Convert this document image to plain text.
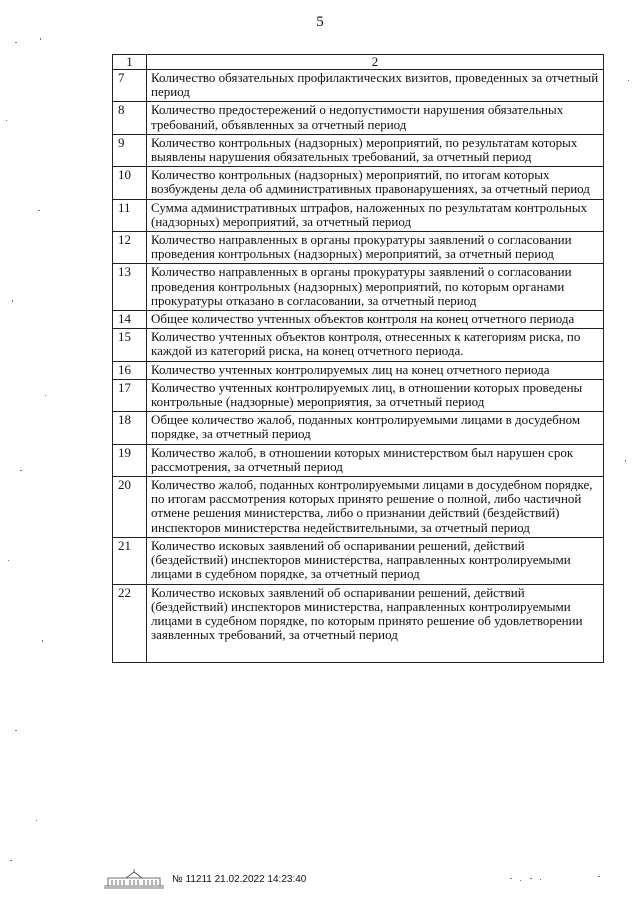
5
1	2
7	Количество обязательных профилактических визитов, проведенных за отчетный период
8	Количество предостережений о недопустимости нарушения обязательных требований, объявленных за отчетный период
9	Количество контрольных (надзорных) мероприятий, по результатам которых выявлены нарушения обязательных требований, за отчетный период
10	Количество контрольных (надзорных) мероприятий, по итогам которых возбуждены дела об административных правонарушениях, за отчетный период
11	Сумма административных штрафов, наложенных по результатам контрольных (надзорных) мероприятий, за отчетный период
12	Количество направленных в органы прокуратуры заявлений о согласовании проведения контрольных (надзорных) мероприятий, за отчетный период
13	Количество направленных в органы прокуратуры заявлений о согласовании проведения контрольных (надзорных) мероприятий, по которым органами прокуратуры отказано в согласовании, за отчетный период
14	Общее количество учтенных объектов контроля на конец отчетного периода
15	Количество учтенных объектов контроля, отнесенных к категориям риска, по каждой из категорий риска, на конец отчетного периода.
16	Количество учтенных контролируемых лиц на конец отчетного периода
17	Количество учтенных контролируемых лиц, в отношении которых проведены контрольные (надзорные) мероприятия, за отчетный период
18	Общее количество жалоб, поданных контролируемыми лицами в досудебном порядке, за отчетный период
19	Количество жалоб, в отношении которых министерством был нарушен срок рассмотрения, за отчетный период
20	Количество жалоб, поданных контролируемыми лицами в досудебном порядке, по итогам рассмотрения которых принято решение о полной, либо частичной отмене решения министерства, либо о признании действий (бездействий) инспекторов министерства недействительными, за отчетный период
21	Количество исковых заявлений об оспаривании решений, действий (бездействий) инспекторов министерства, направленных контролируемыми лицами в судебном порядке, за отчетный период
22	Количество исковых заявлений об оспаривании решений, действий (бездействий) инспекторов министерства, направленных контролируемыми лицами в судебном порядке, по которым принято решение об удовлетворении заявленных требований, за отчетный период
№ 11211 21.02.2022 14:23:40
